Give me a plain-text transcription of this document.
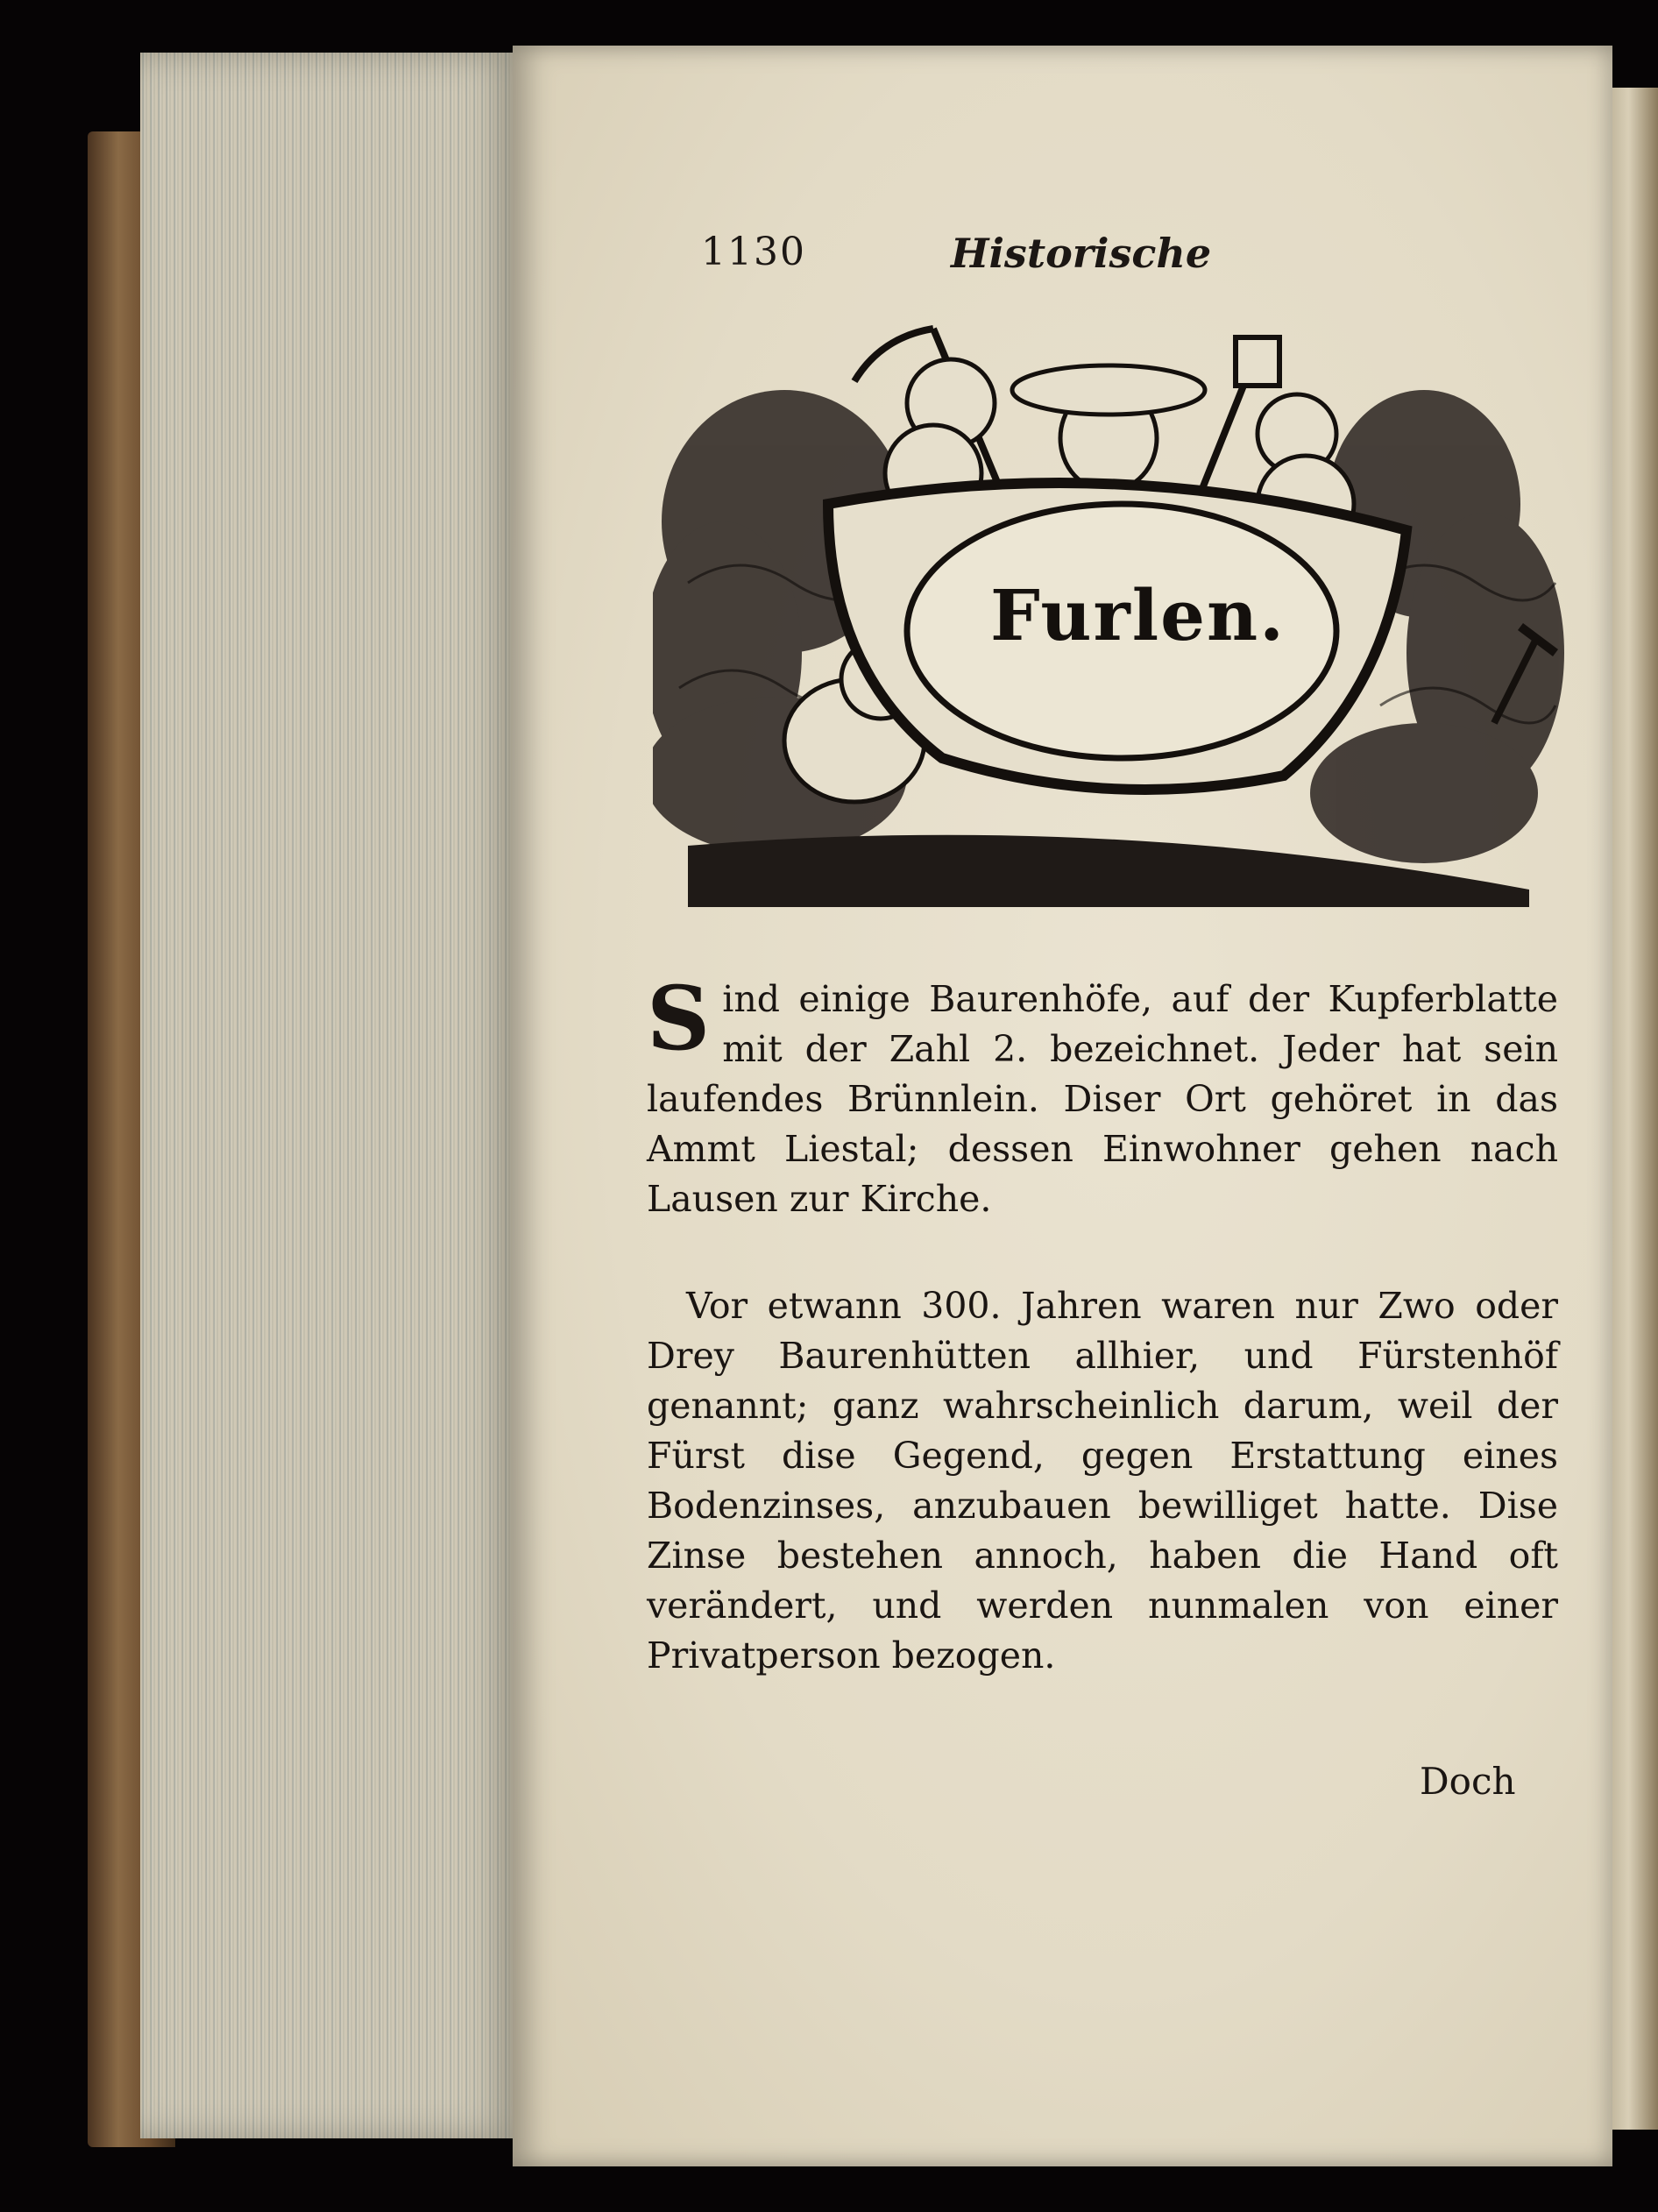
1130	Historische
Furlen.
Sind einige Baurenhöfe, auf der Kupferblatte mit der Zahl 2. bezeichnet. Jeder hat sein laufendes Brünnlein. Diser Ort gehöret in das Ammt Liestal; dessen Einwohner gehen nach Lausen zur Kirche.
Vor etwann 300. Jahren waren nur Zwo oder Drey Baurenhütten allhier, und Fürstenhöf genannt; ganz wahrscheinlich darum, weil der Fürst dise Gegend, gegen Erstattung eines Bodenzinses, anzubauen bewilliget hatte. Dise Zinse bestehen annoch, haben die Hand oft verändert, und werden nunmalen von einer Privatperson bezogen.
Doch
